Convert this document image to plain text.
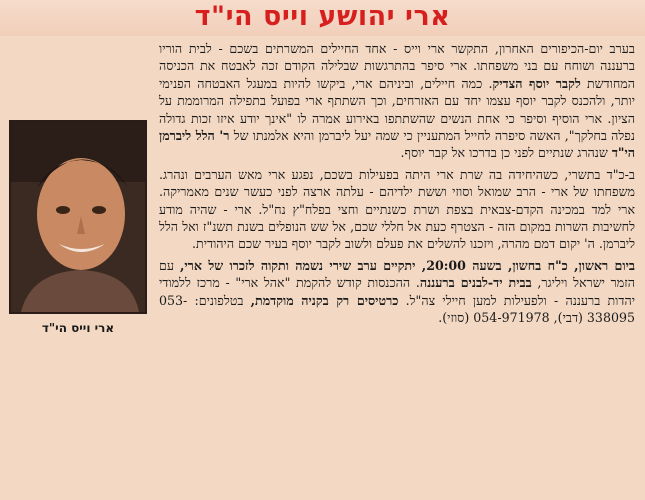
ארי יהושע וייס הי"ד
ארי וייס הי"ד

בערב יום-הכיפורים האחרון, התקשר ארי וייס - אחד החיילים המשרתים בשכם - לבית הוריו ברעננה ושוחח עם בני משפחתו. ארי סיפר בהתרגשות שבלילה הקודם זכה לאבטח את הכניסה המחודשת לקבר יוסף הצדיק. כמה חיילים, וביניהם ארי, ביקשו להיות במעגל האבטחה הפנימי יותר, ולהכנס לקבר יוסף עצמו יחד עם האזרחים, וכך השתתף ארי בפועל בתפילה המרוממת על הציון. ארי הוסיף וסיפר כי אחת הנשים שהשתתפו באירוע אמרה לו "אינך יודע איזו זכות גדולה נפלה בחלקך", האשה סיפרה לחייל המתעניין כי שמה יעל ליברמן והיא אלמנתו של ר' הלל ליברמן הי"ד שנהרג שנתיים לפני כן בדרכו אל קבר יוסף.

ב-כ"ד בתשרי, כשהיחידה בה שרת ארי היתה בפעילות בשכם, נפגע ארי מאש הערבים ונהרג. משפחתו של ארי - הרב שמואל וסוזי וששת ילדיהם - עלתה ארצה לפני כעשר שנים מאמריקה. ארי למד במכינה הקדם-צבאית בצפת ושרת כשנתיים וחצי בפלח"ץ נח"ל. ארי - שהיה מודע לחשיבות השרות במקום הזה - הצטרף כעת אל חללי שכם, אל שש הנופלים בשנת תשנ"ז ואל הלל ליברמן. ה' יקום דמם מהרה, ויזכנו להשלים את פעלם ולשוב לקבר יוסף בעיר שכם היהודית.

ביום ראשון, כ"ח בחשון, בשעה 20:00, יתקיים ערב שירי נשמה ותקוה לזכרו של ארי, עם הזמר ישראל ויליגר, בבית יד-לבנים ברעננה. ההכנסות קודש להקמת "אהל ארי" - מרכז ללמודי יהדות ברעננה - ולפעילות למען חיילי צה"ל. כרטיסים רק בקניה מוקדמת, בטלפונים: 053-338095 (דבי), 054-971978 (סוזי).
